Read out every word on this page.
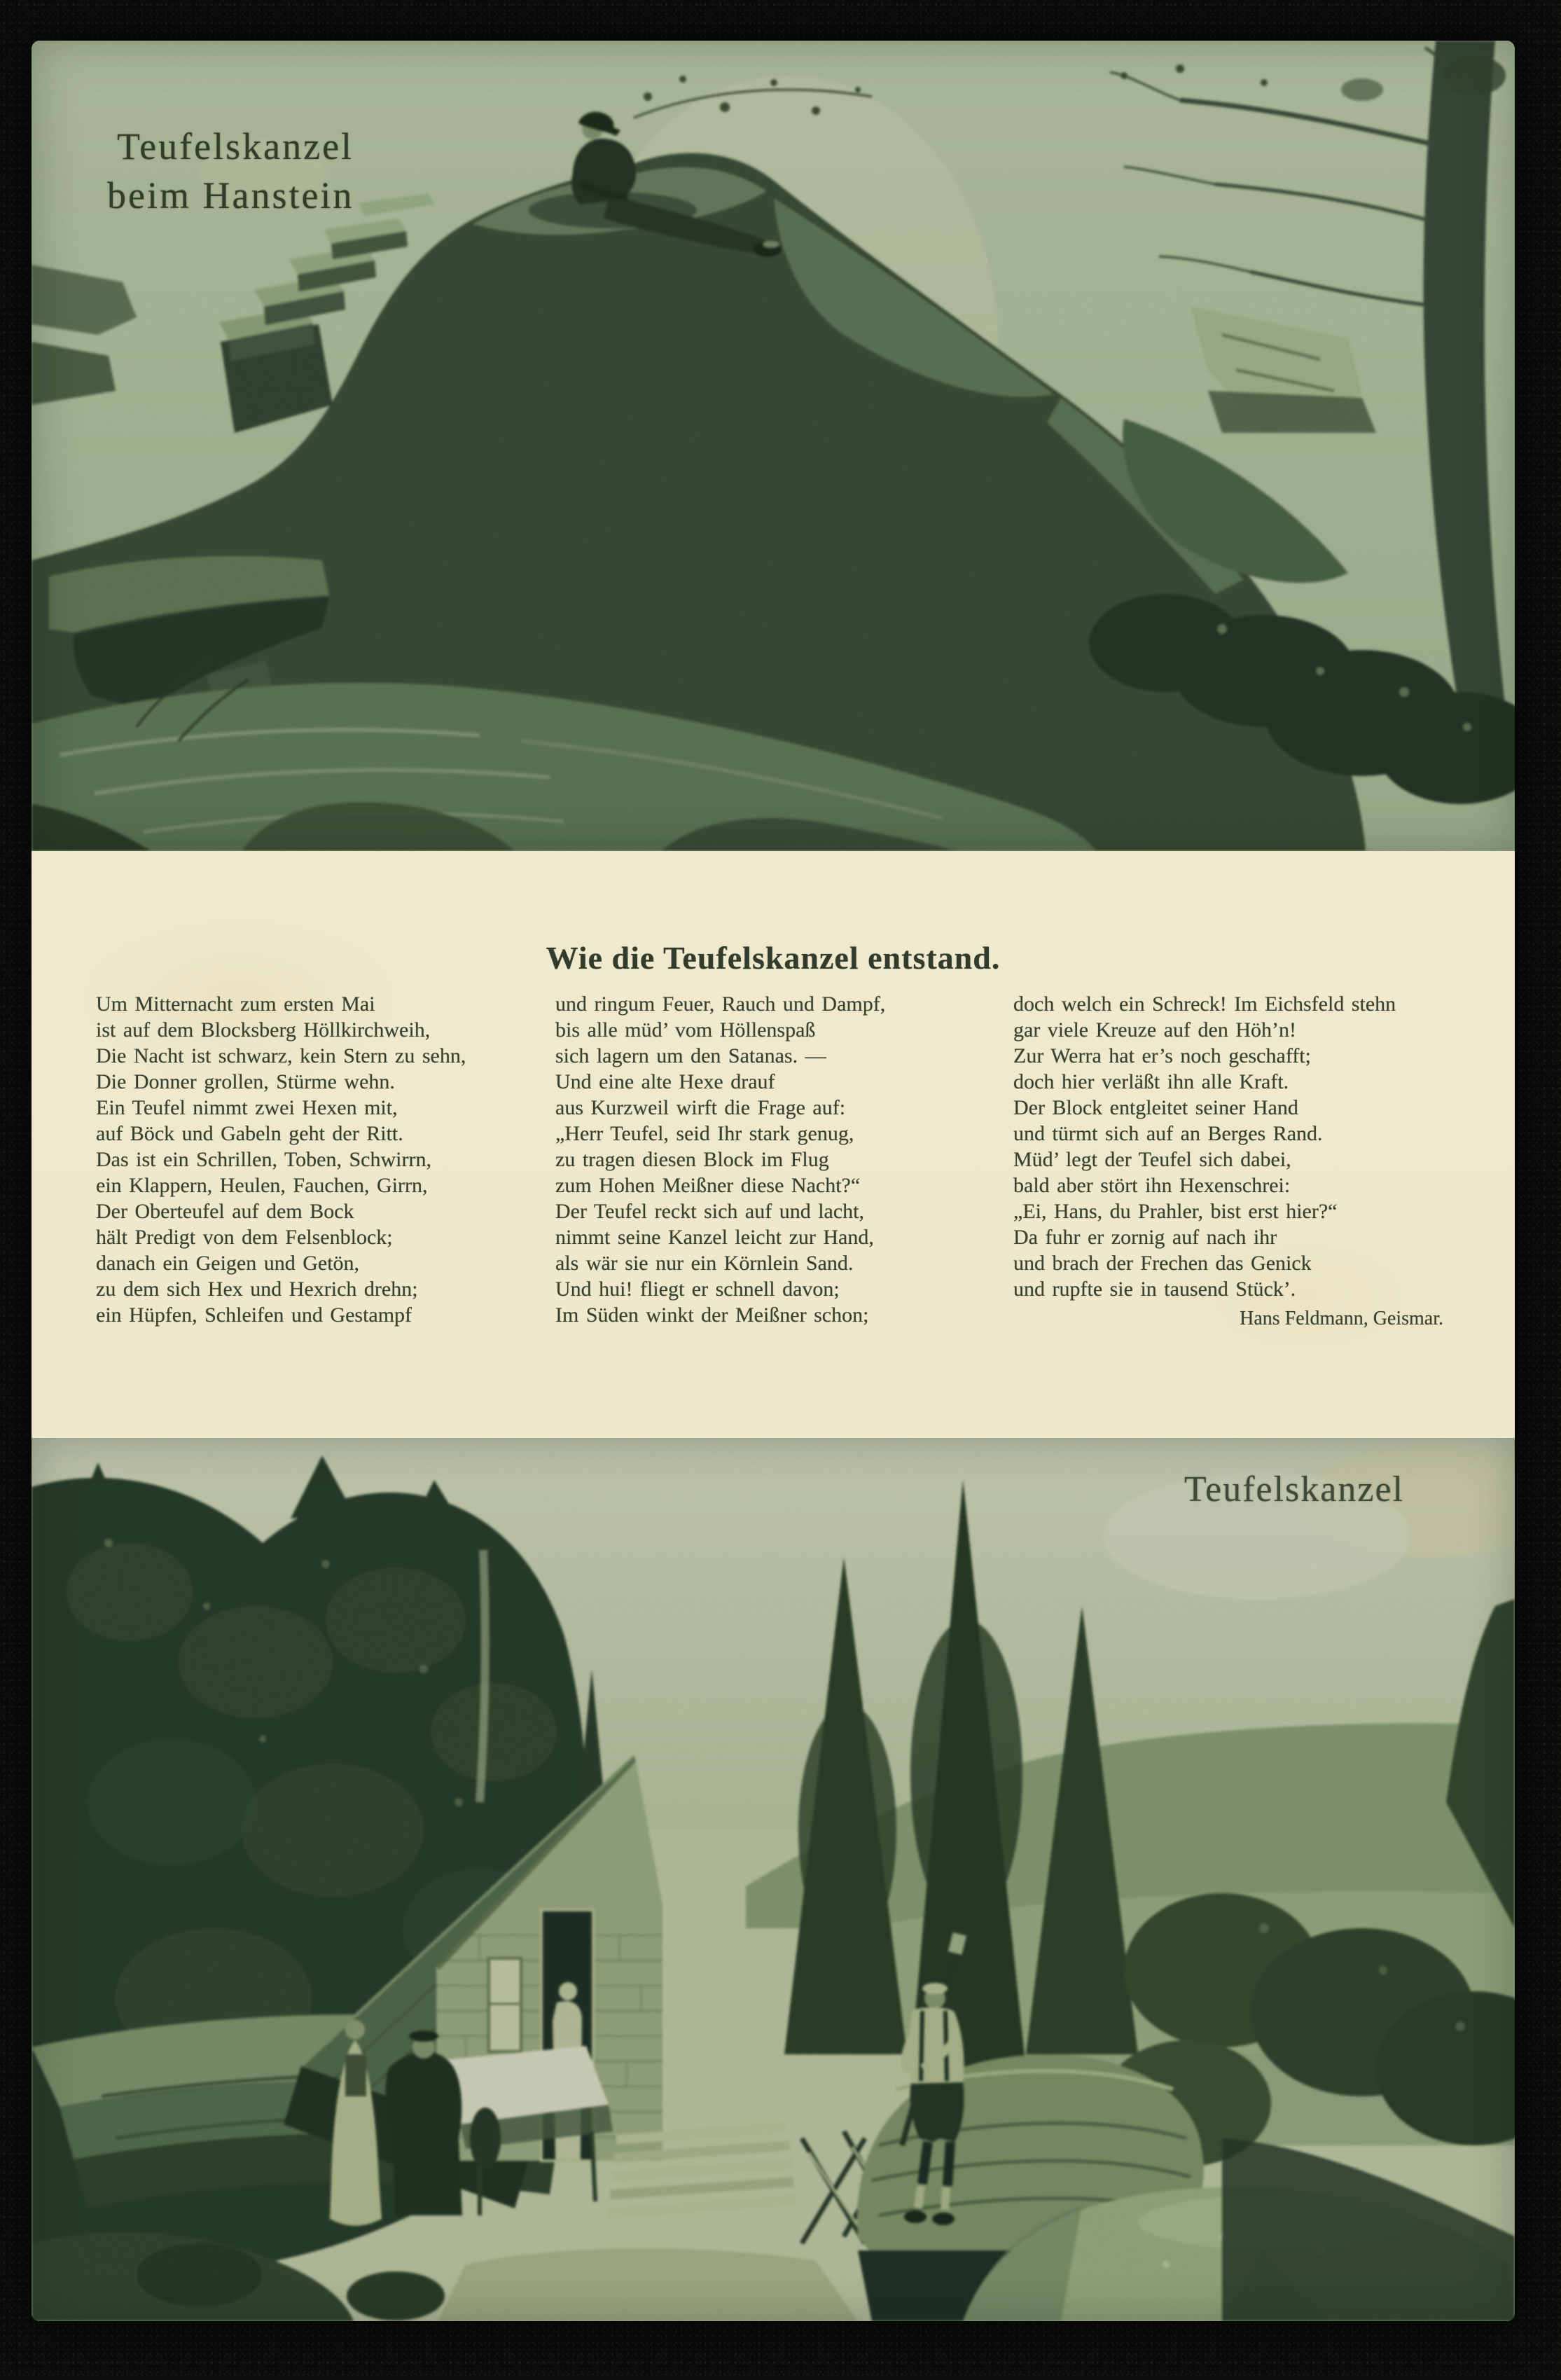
Teufelskanzel
beim Hanstein
Wie die Teufelskanzel entstand.
Um Mitternacht zum ersten Mai
ist auf dem Blocksberg Höllkirchweih,
Die Nacht ist schwarz, kein Stern zu sehn,
Die Donner grollen, Stürme wehn.
Ein Teufel nimmt zwei Hexen mit,
auf Böck und Gabeln geht der Ritt.
Das ist ein Schrillen, Toben, Schwirrn,
ein Klappern, Heulen, Fauchen, Girrn,
Der Oberteufel auf dem Bock
hält Predigt von dem Felsenblock;
danach ein Geigen und Getön,
zu dem sich Hex und Hexrich drehn;
ein Hüpfen, Schleifen und Gestampf
und ringum Feuer, Rauch und Dampf,
bis alle müd’ vom Höllenspaß
sich lagern um den Satanas. —
Und eine alte Hexe drauf
aus Kurzweil wirft die Frage auf:
„Herr Teufel, seid Ihr stark genug,
zu tragen diesen Block im Flug
zum Hohen Meißner diese Nacht?“
Der Teufel reckt sich auf und lacht,
nimmt seine Kanzel leicht zur Hand,
als wär sie nur ein Körnlein Sand.
Und hui! fliegt er schnell davon;
Im Süden winkt der Meißner schon;
doch welch ein Schreck! Im Eichsfeld stehn
gar viele Kreuze auf den Höh’n!
Zur Werra hat er’s noch geschafft;
doch hier verläßt ihn alle Kraft.
Der Block entgleitet seiner Hand
und türmt sich auf an Berges Rand.
Müd’ legt der Teufel sich dabei,
bald aber stört ihn Hexenschrei:
„Ei, Hans, du Prahler, bist erst hier?“
Da fuhr er zornig auf nach ihr
und brach der Frechen das Genick
und rupfte sie in tausend Stück’.
Hans Feldmann, Geismar.
Teufelskanzel
